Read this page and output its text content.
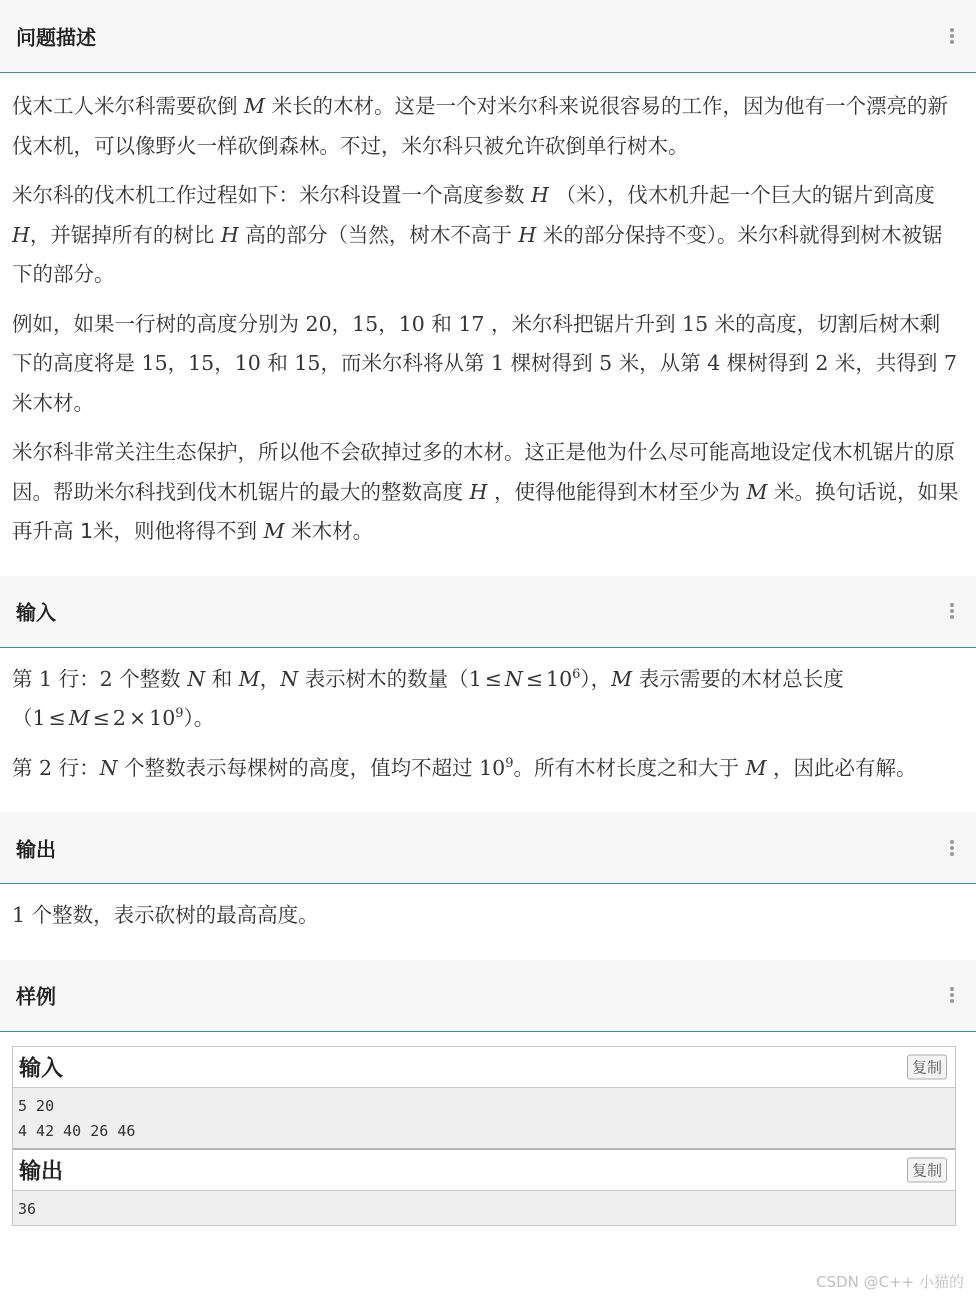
问题描述

伐木工人米尔科需要砍倒 M 米长的木材。这是一个对米尔科来说很容易的工作，因为他有一个漂亮的新伐木机，可以像野火一样砍倒森林。不过，米尔科只被允许砍倒单行树木。

米尔科的伐木机工作过程如下：米尔科设置一个高度参数 H （米），伐木机升起一个巨大的锯片到高度 H，并锯掉所有的树比 H 高的部分（当然，树木不高于 H 米的部分保持不变）。米尔科就得到树木被锯下的部分。

例如，如果一行树的高度分别为 20，15，10 和 17 ，米尔科把锯片升到 15 米的高度，切割后树木剩下的高度将是 15，15，10 和 15，而米尔科将从第 1 棵树得到 5 米，从第 4 棵树得到 2 米，共得到 7 米木材。

米尔科非常关注生态保护，所以他不会砍掉过多的木材。这正是他为什么尽可能高地设定伐木机锯片的原因。帮助米尔科找到伐木机锯片的最大的整数高度 H ，使得他能得到木材至少为 M 米。换句话说，如果再升高 1米，则他将得不到 M 米木材。

输入

第 1 行：2 个整数 N 和 M，N 表示树木的数量$(1 \le N \le 10^6)$，M 表示需要的木材总长度$(1 \le M \le 2 \times 10^9)$。

第 2 行：N 个整数表示每棵树的高度，值均不超过 $10^9$。所有木材长度之和大于 M ，因此必有解。

输出

1 个整数，表示砍树的最高高度。

样例
输入	复制
5 20
4 42 40 26 46
输出	复制
36
CSDN @C++ 小猫的
